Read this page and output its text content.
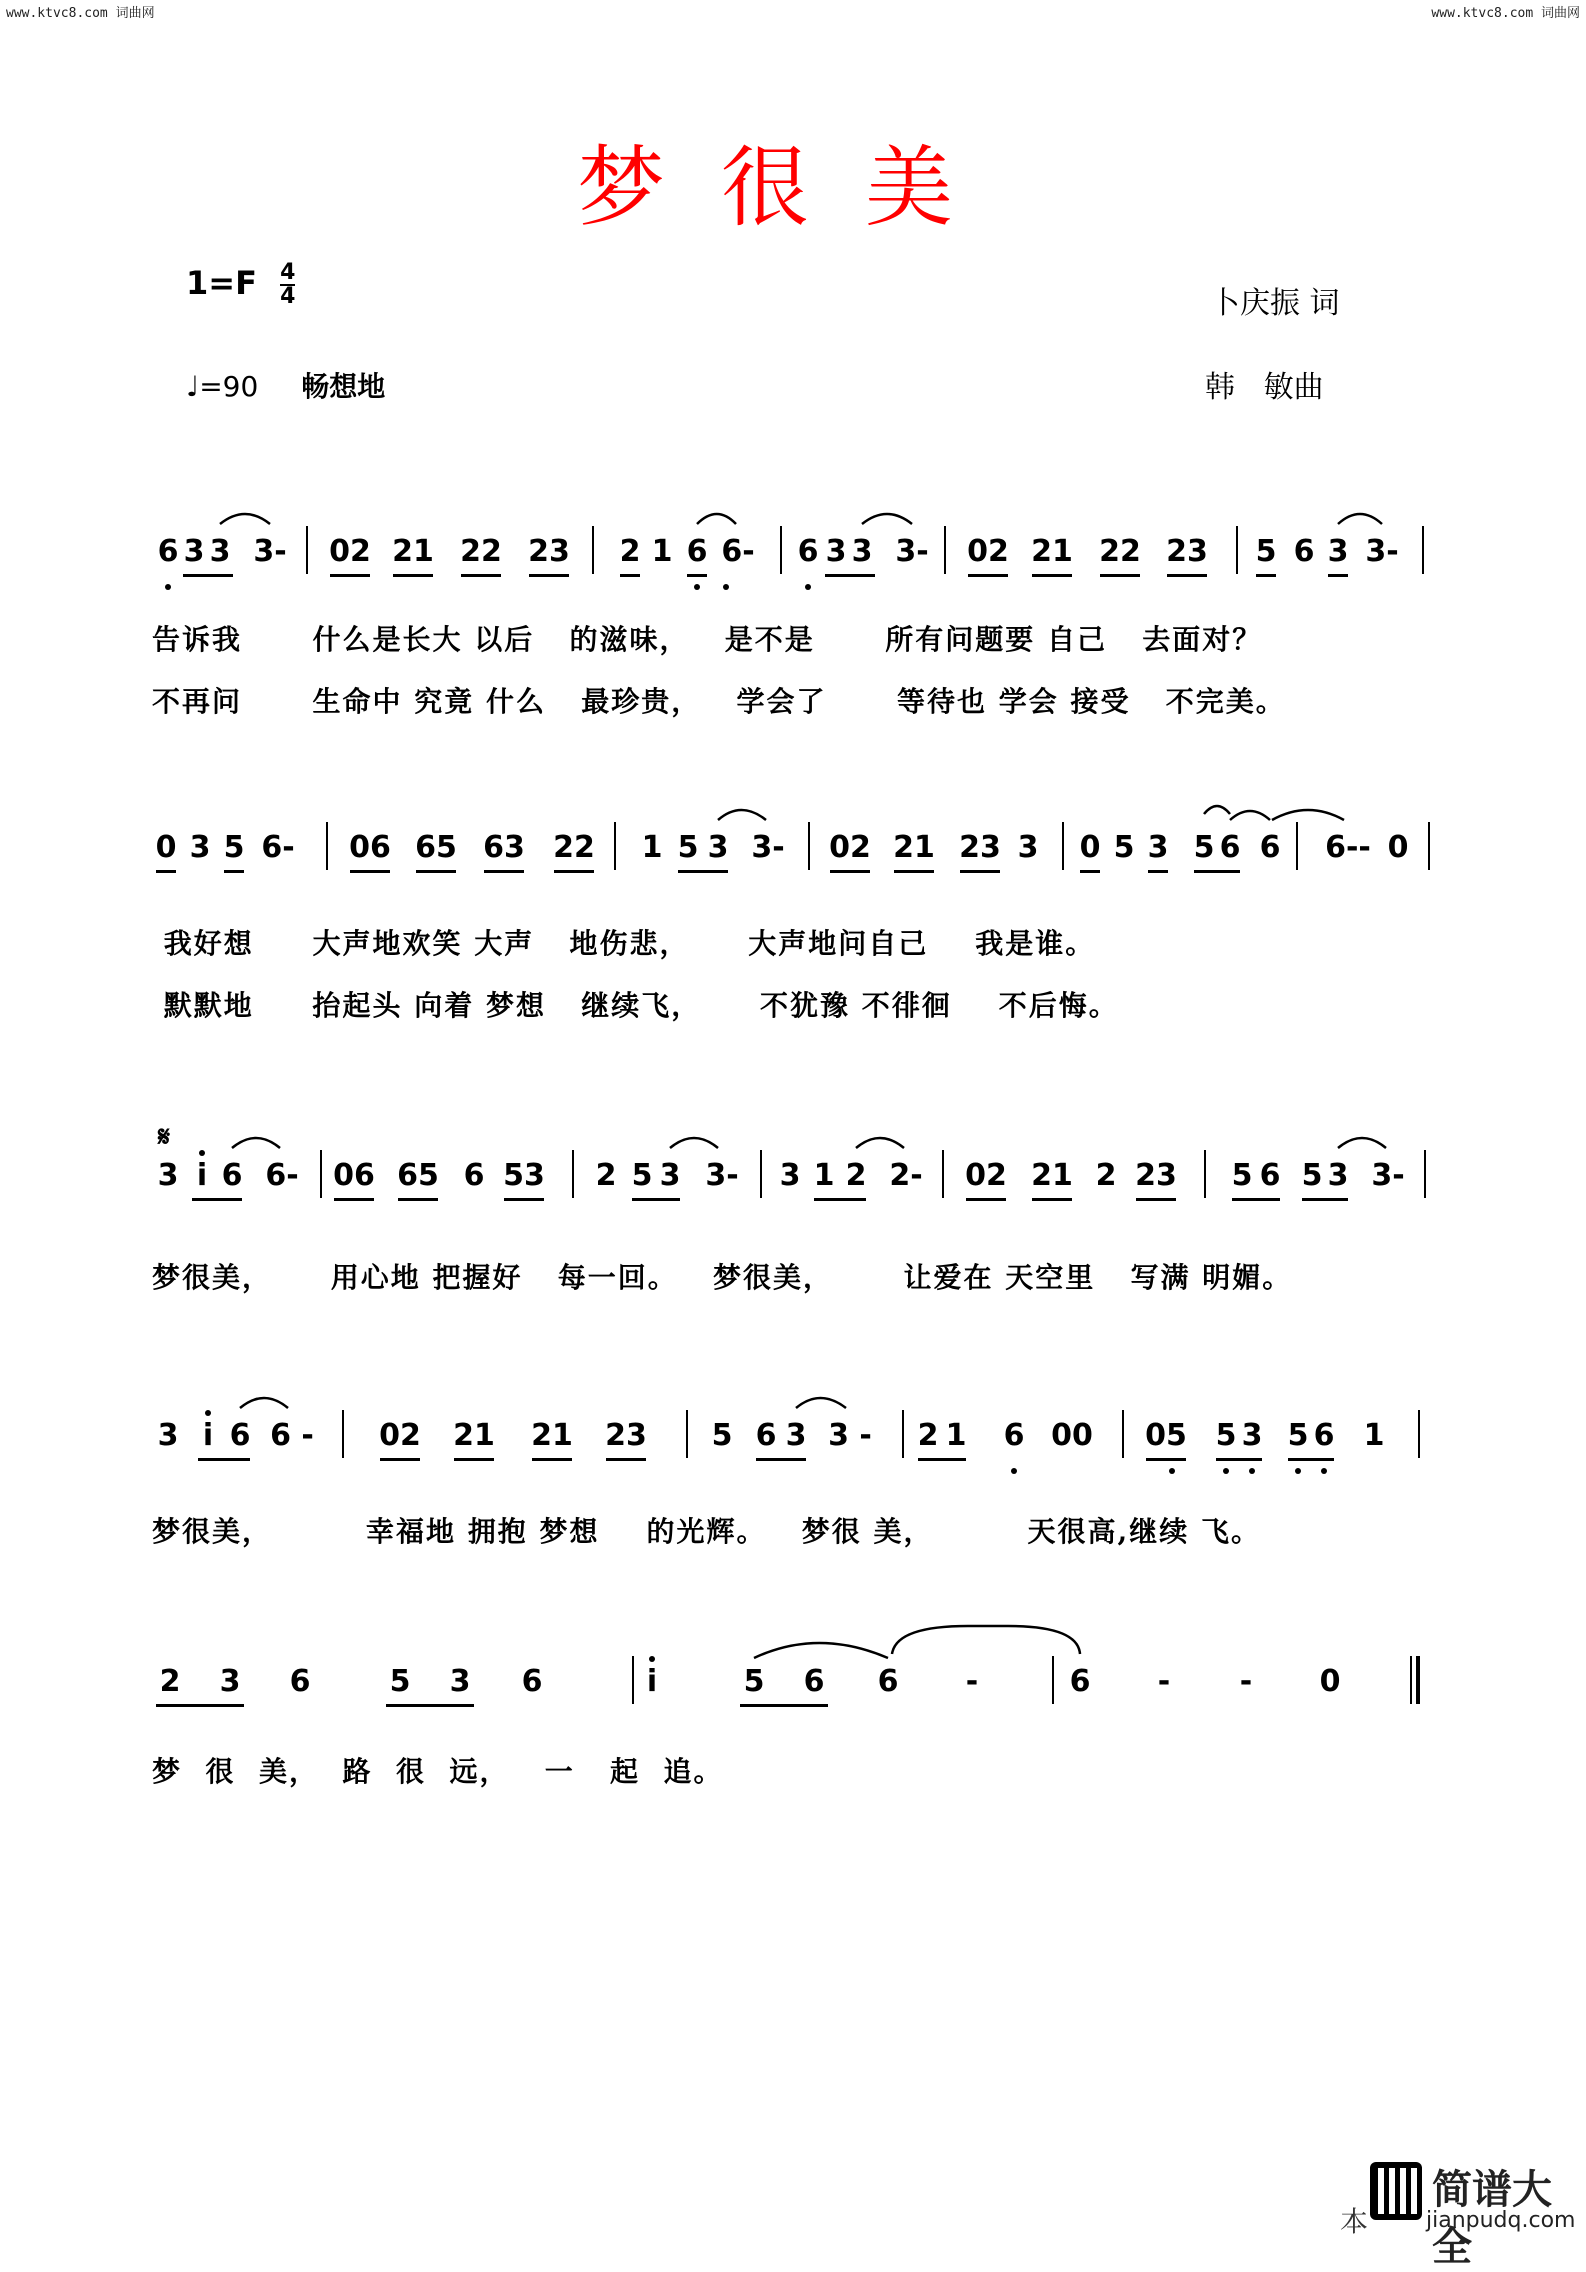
www.ktvc8.com 词曲网	www.ktvc8.com 词曲网
梦很美
$1=F \frac{4}{4}$
♩=90 畅想地
卜庆振 词
韩   敏曲
6 3 3 3- 02 21 22 23 2 1 6 6- 6 3 3 3- 02 21 22 23 5 6 3 3-
告诉我      什么是长大 以后   的滋味，   是不是      所有问题要 自己   去面对？
不再问      生命中 究竟 什么   最珍贵，   学会了      等待也 学会 接受   不完美。
0 3 5 6- 06 65 63 22 1 5 3 3- 02 21 23 3 0 5 3 5 6 6 6-- 0
我好想     大声地欢笑 大声   地伤悲，     大声地问自己    我是谁。
默默地     抬起头 向着 梦想   继续飞，     不犹豫 不徘徊    不后悔。
𝄋
3 i 6 6- 06 65 6 53 2 5 3 3- 3 1 2 2- 02 21 2 23 5 6 5 3 3-
梦很美，     用心地 把握好   每一回。   梦很美，      让爱在 天空里   写满 明媚。
3 i 6 6 - 02 21 21 23 5 6 3 3 - 2 1 6 00 05 5 3 5 6 1
梦很美，        幸福地 拥抱 梦想    的光辉。   梦很 美，        天很高,继续 飞。
2 3 6	5 3 6	i	5 6 6 -	6 - - 0
梦  很  美，  路  很  远，   一   起  追。
本
简谱大全
jianpudq.com
